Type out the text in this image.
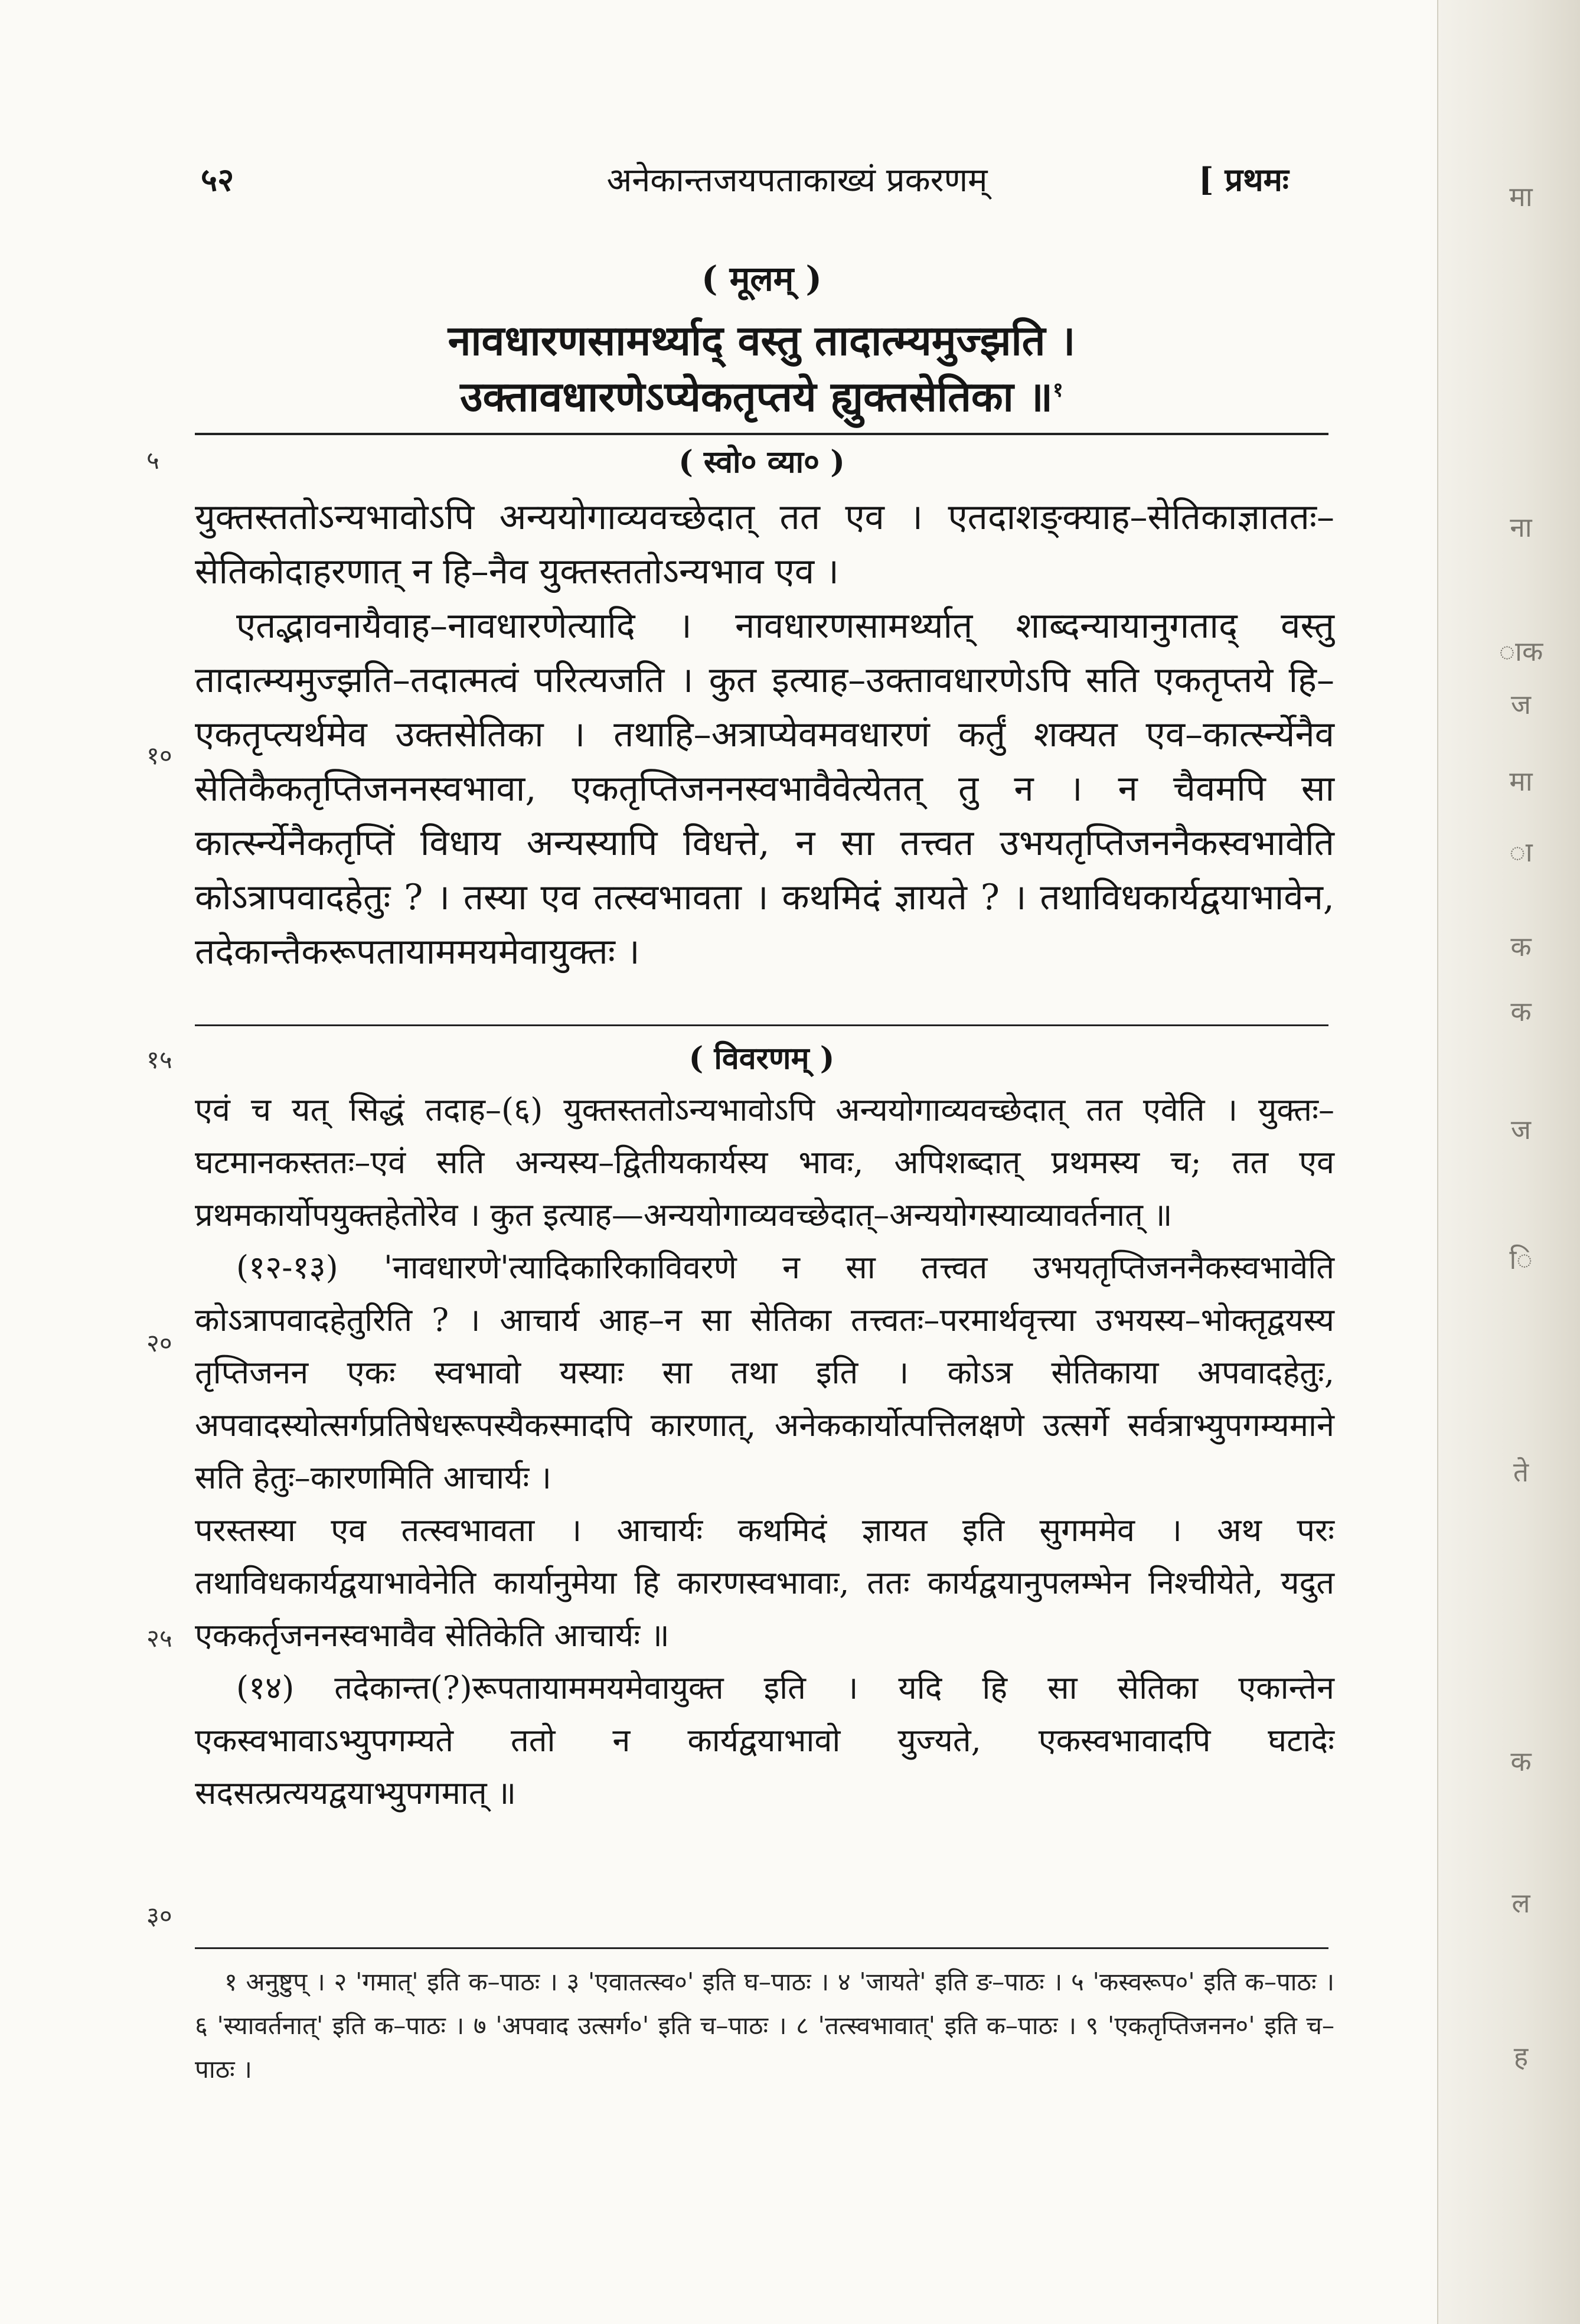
मा
ना
ाक
ज
मा
ा
क
क
ज
ि
ते
क
ल
ह
५२	अनेकान्तजयपताकाख्यं प्रकरणम्	[ प्रथमः
( मूलम् )
नावधारणसामर्थ्याद् वस्तु तादात्म्यमुज्झति ।
उक्तावधारणेऽप्येकतृप्तये ह्युक्तसेतिका ॥$^१$
५	( स्वो० व्या० )

युक्तस्ततोऽन्यभावोऽपि अन्ययोगाव्यवच्छेदात् तत एव । एतदाशङ्क्याह–सेतिकाज्ञाततः–सेतिकोदाहरणात् न हि–नैव युक्तस्ततोऽन्यभाव एव ।

एतद्भावनायैवाह–नावधारणेत्यादि । नावधारणसामर्थ्यात् शाब्दन्यायानुगताद् वस्तु तादात्म्यमुज्झति–तदात्मत्वं परित्यजति । कुत इत्याह–उक्तावधारणेऽपि सति एकतृप्तये हि–एकतृप्त्यर्थमेव उक्तसेतिका । तथाहि–अत्राप्येवमवधारणं कर्तुं शक्यत एव–कार्त्स्न्येनैव सेतिकैकतृप्तिजननस्वभावा, एकतृप्तिजननस्वभावैवेत्येतत् तु न । न चैवमपि सा कार्त्स्न्येनैकतृप्तिं विधाय अन्यस्यापि विधत्ते, न सा तत्त्वत उभयतृप्तिजननैकस्वभावेति कोऽत्रापवादहेतुः ? । तस्या एव तत्स्वभावता । कथमिदं ज्ञायते ? । तथाविधकार्यद्वयाभावेन, तदेकान्तैकरूपतायाममयमेवायुक्तः ।

१०
१५	( विवरणम् )

एवं च यत् सिद्धं तदाह–(६) युक्तस्ततोऽन्यभावोऽपि अन्ययोगाव्यवच्छेदात् तत एवेति । युक्तः–घटमानकस्ततः–एवं सति अन्यस्य–द्वितीयकार्यस्य भावः, अपिशब्दात् प्रथमस्य च; तत एव प्रथमकार्योपयुक्तहेतोरेव । कुत इत्याह—अन्ययोगाव्यवच्छेदात्–अन्ययोगस्याव्यावर्तनात् ॥

(१२-१३) 'नावधारणे'त्यादिकारिकाविवरणे न सा तत्त्वत उभयतृप्तिजननैकस्वभावेति कोऽत्रापवादहेतुरिति ? । आचार्य आह–न सा सेतिका तत्त्वतः–परमार्थवृत्त्या उभयस्य–भोक्तृद्वयस्य तृप्तिजनन एकः स्वभावो यस्याः सा तथा इति । कोऽत्र सेतिकाया अपवादहेतुः, अपवादस्योत्सर्गप्रतिषेधरूपस्यैकस्मादपि कारणात्, अनेककार्योत्पत्तिलक्षणे उत्सर्गे सर्वत्राभ्युपगम्यमाने सति हेतुः–कारणमिति आचार्यः ।

परस्तस्या एव तत्स्वभावता । आचार्यः कथमिदं ज्ञायत इति सुगममेव । अथ परः तथाविधकार्यद्वयाभावेनेति कार्यानुमेया हि कारणस्वभावाः, ततः कार्यद्वयानुपलम्भेन निश्चीयेते, यदुत एककर्तृजननस्वभावैव सेतिकेति आचार्यः ॥

(१४) तदेकान्त(?)रूपतायाममयमेवायुक्त इति । यदि हि सा सेतिका एकान्तेन एकस्वभावाऽभ्युपगम्यते ततो न कार्यद्वयाभावो युज्यते, एकस्वभावादपि घटादेः सदसत्प्रत्ययद्वयाभ्युपगमात् ॥

२०
२५
३०

१ अनुष्टुप् । २ 'गमात्' इति क–पाठः । ३ 'एवातत्स्व०' इति घ–पाठः । ४ 'जायते' इति ङ–पाठः । ५ 'कस्वरूप०' इति क–पाठः । ६ 'स्यावर्तनात्' इति क–पाठः । ७ 'अपवाद उत्सर्ग०' इति च–पाठः । ८ 'तत्स्वभावात्' इति क–पाठः । ९ 'एकतृप्तिजनन०' इति च–पाठः ।
